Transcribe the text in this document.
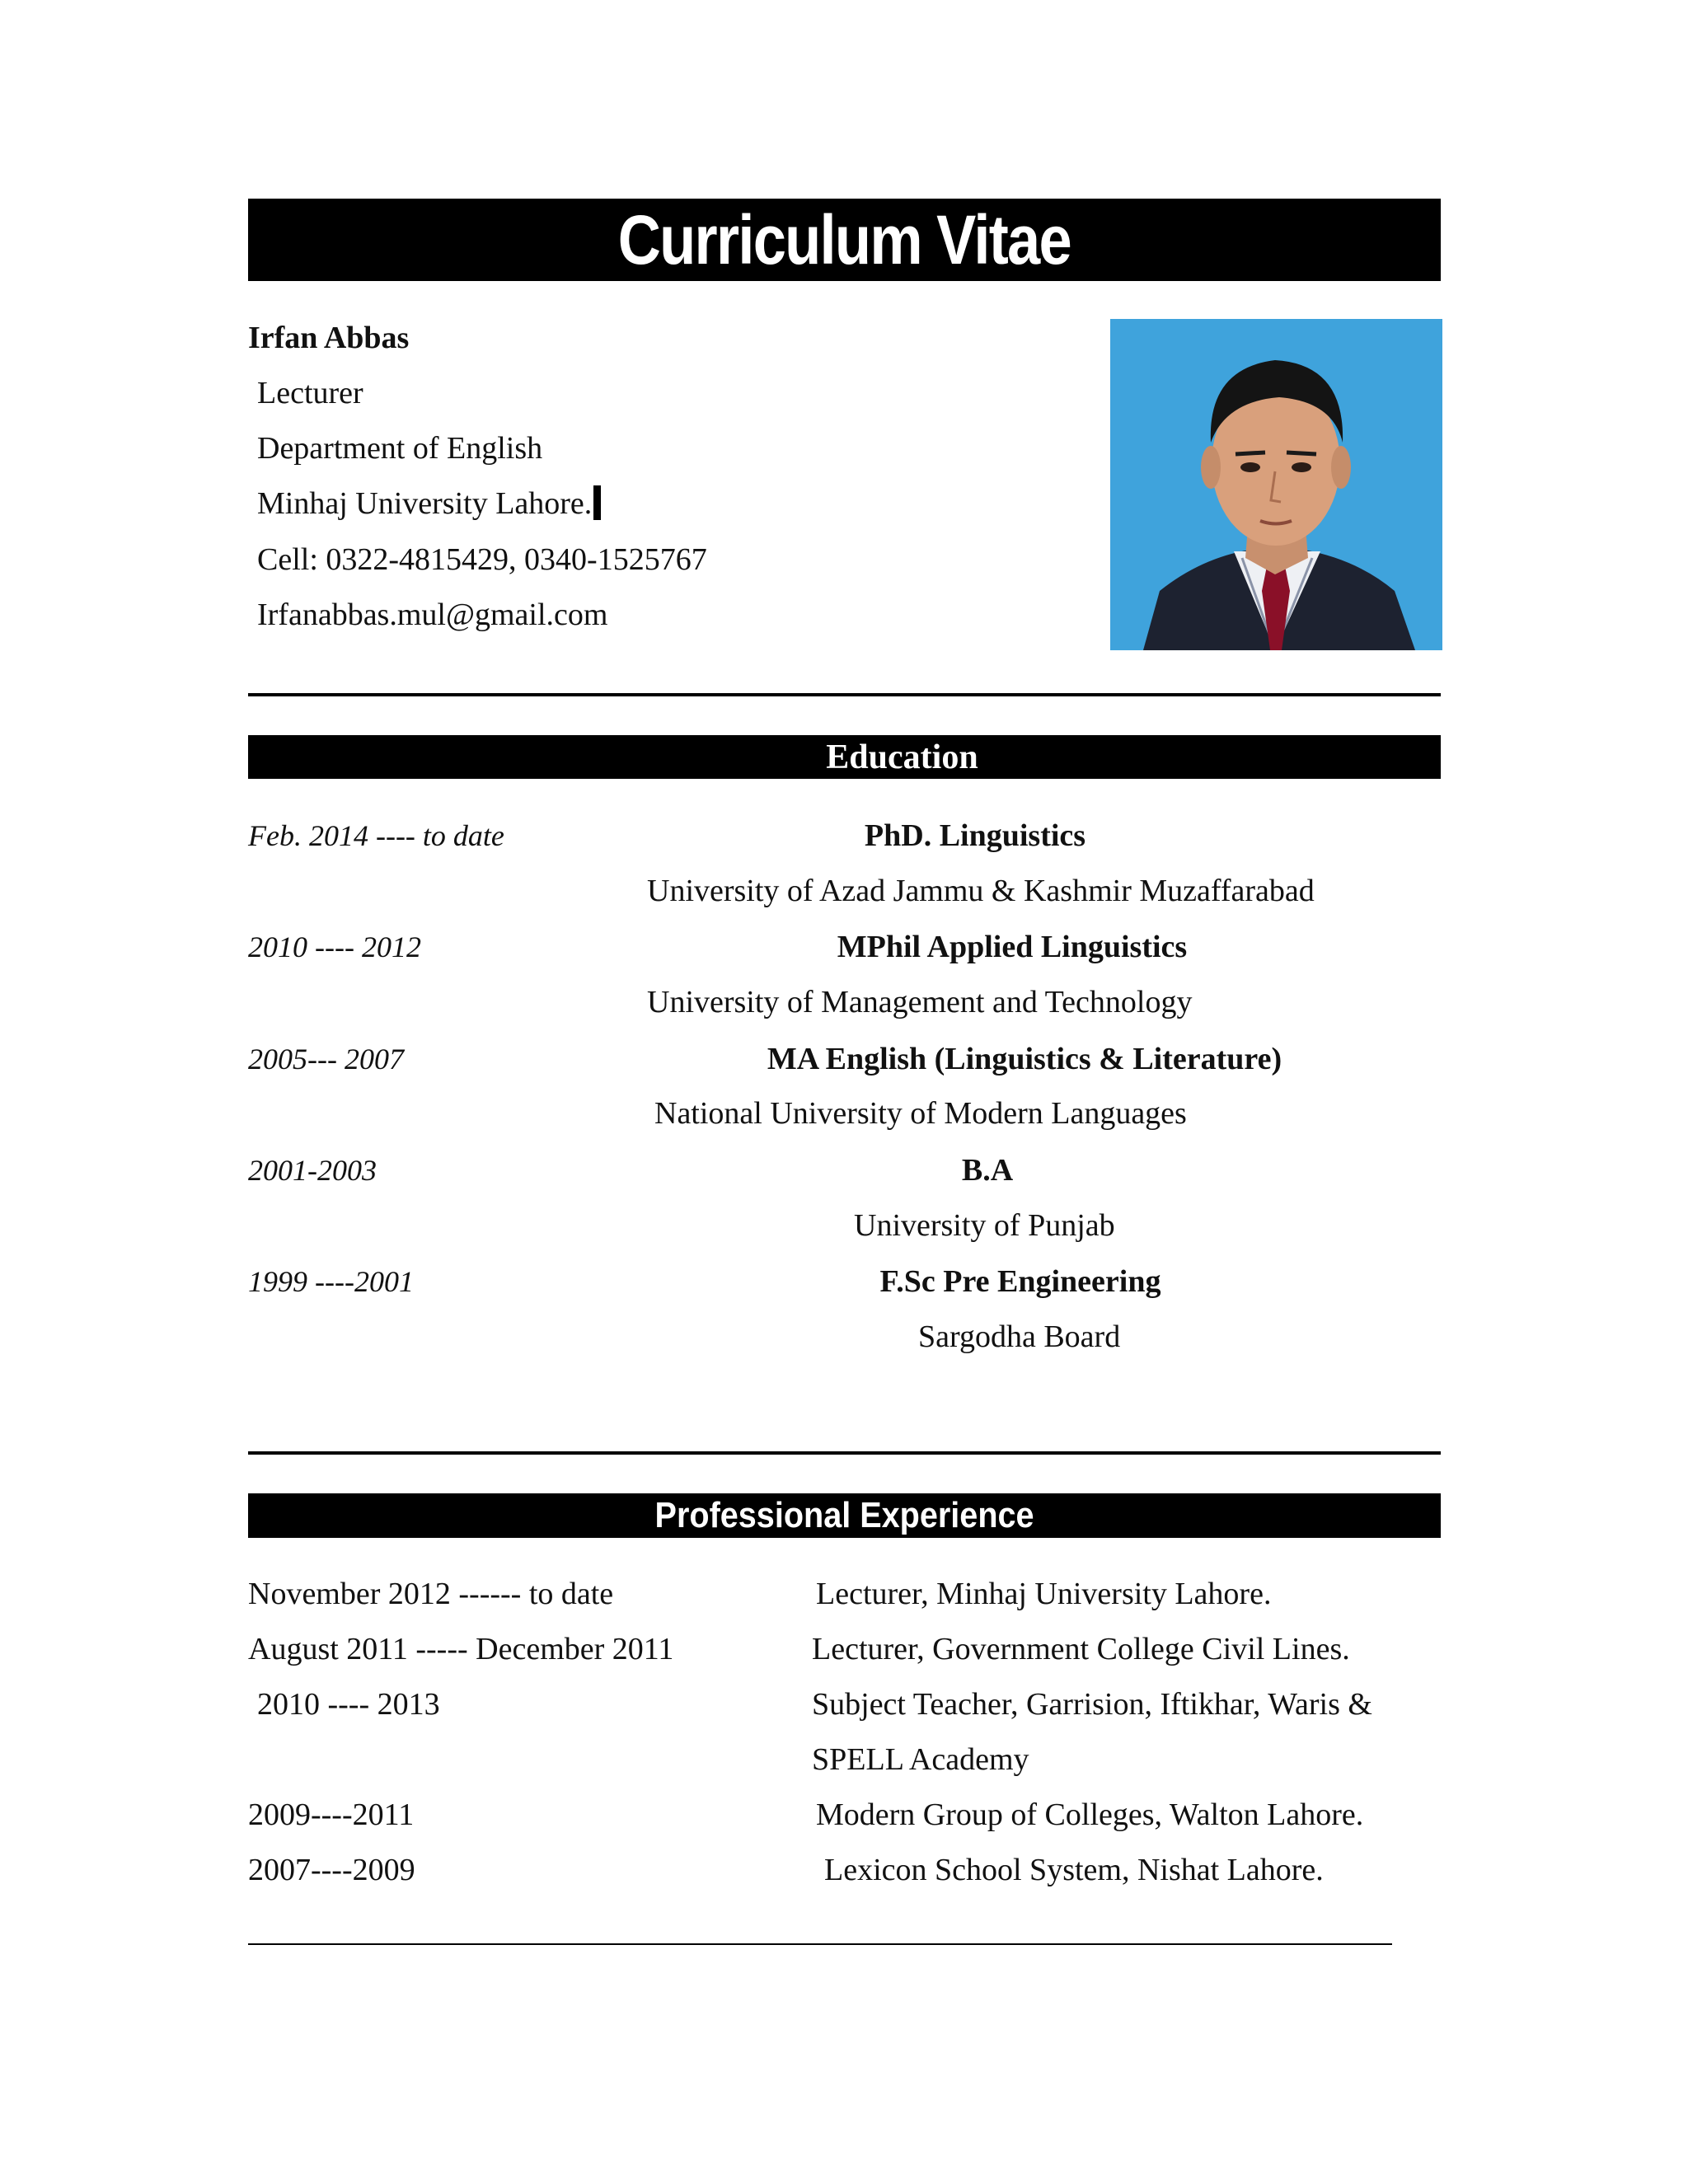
Curriculum Vitae
Irfan Abbas
Lecturer
Department of English
Minhaj University Lahore.
Cell: 0322-4815429, 0340-1525767
Irfanabbas.mul@gmail.com
Education
Feb. 2014 ---- to date	PhD. Linguistics
University of Azad Jammu & Kashmir Muzaffarabad
2010 ---- 2012	MPhil Applied Linguistics
University of Management and Technology
2005--- 2007	MA English (Linguistics & Literature)
National University of Modern Languages
2001-2003	B.A
University of Punjab
1999 ----2001	F.Sc Pre Engineering
Sargodha Board
Professional Experience
November 2012 ------ to date	Lecturer, Minhaj University Lahore.
August 2011 ----- December 2011	Lecturer, Government College Civil Lines.
2010 ---- 2013	Subject Teacher, Garrision, Iftikhar, Waris &
SPELL Academy
2009----2011	Modern Group of Colleges, Walton Lahore.
2007----2009	Lexicon School System, Nishat Lahore.
